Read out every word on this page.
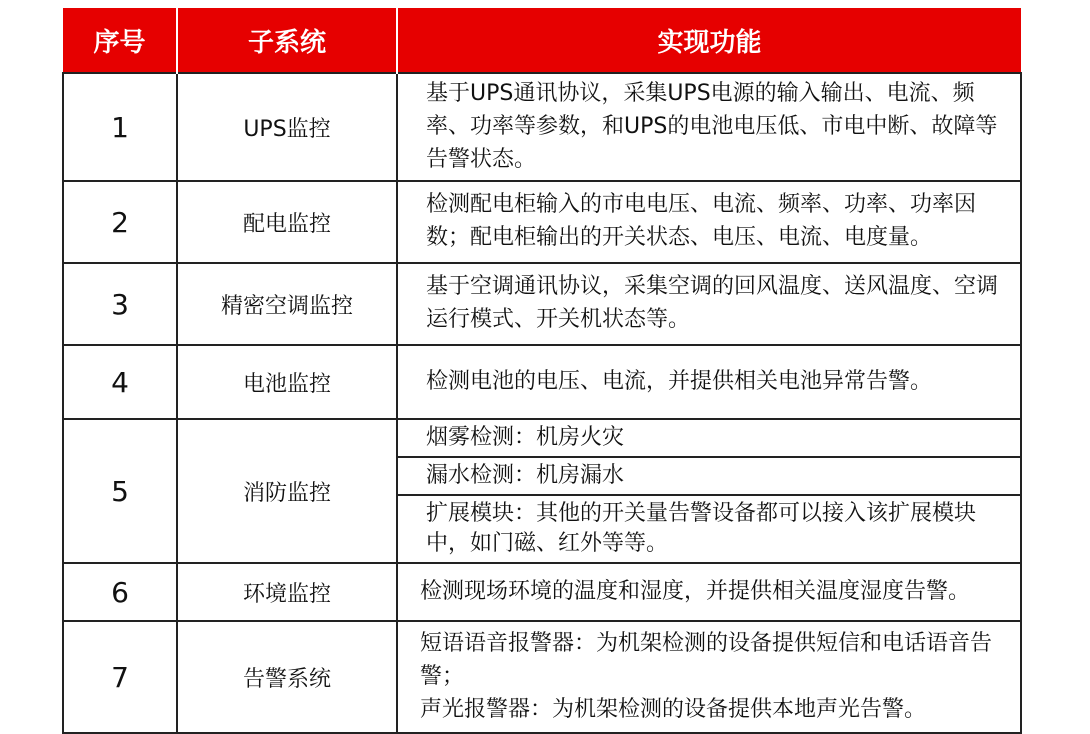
序号	子系统	实现功能
1	UPS监控	基于UPS通讯协议，采集UPS电源的输入输出、电流、频率、功率等参数，和UPS的电池电压低、市电中断、故障等告警状态。
2	配电监控	检测配电柜输入的市电电压、电流、频率、功率、功率因数；配电柜输出的开关状态、电压、电流、电度量。
3	精密空调监控	基于空调通讯协议，采集空调的回风温度、送风温度、空调运行模式、开关机状态等。
4	电池监控	检测电池的电压、电流，并提供相关电池异常告警。
5	消防监控	烟雾检测：机房火灾
		漏水检测：机房漏水
		扩展模块：其他的开关量告警设备都可以接入该扩展模块中，如门磁、红外等等。
6	环境监控	检测现场环境的温度和湿度，并提供相关温度湿度告警。
7	告警系统	短语语音报警器：为机架检测的设备提供短信和电话语音告警；
声光报警器：为机架检测的设备提供本地声光告警。
